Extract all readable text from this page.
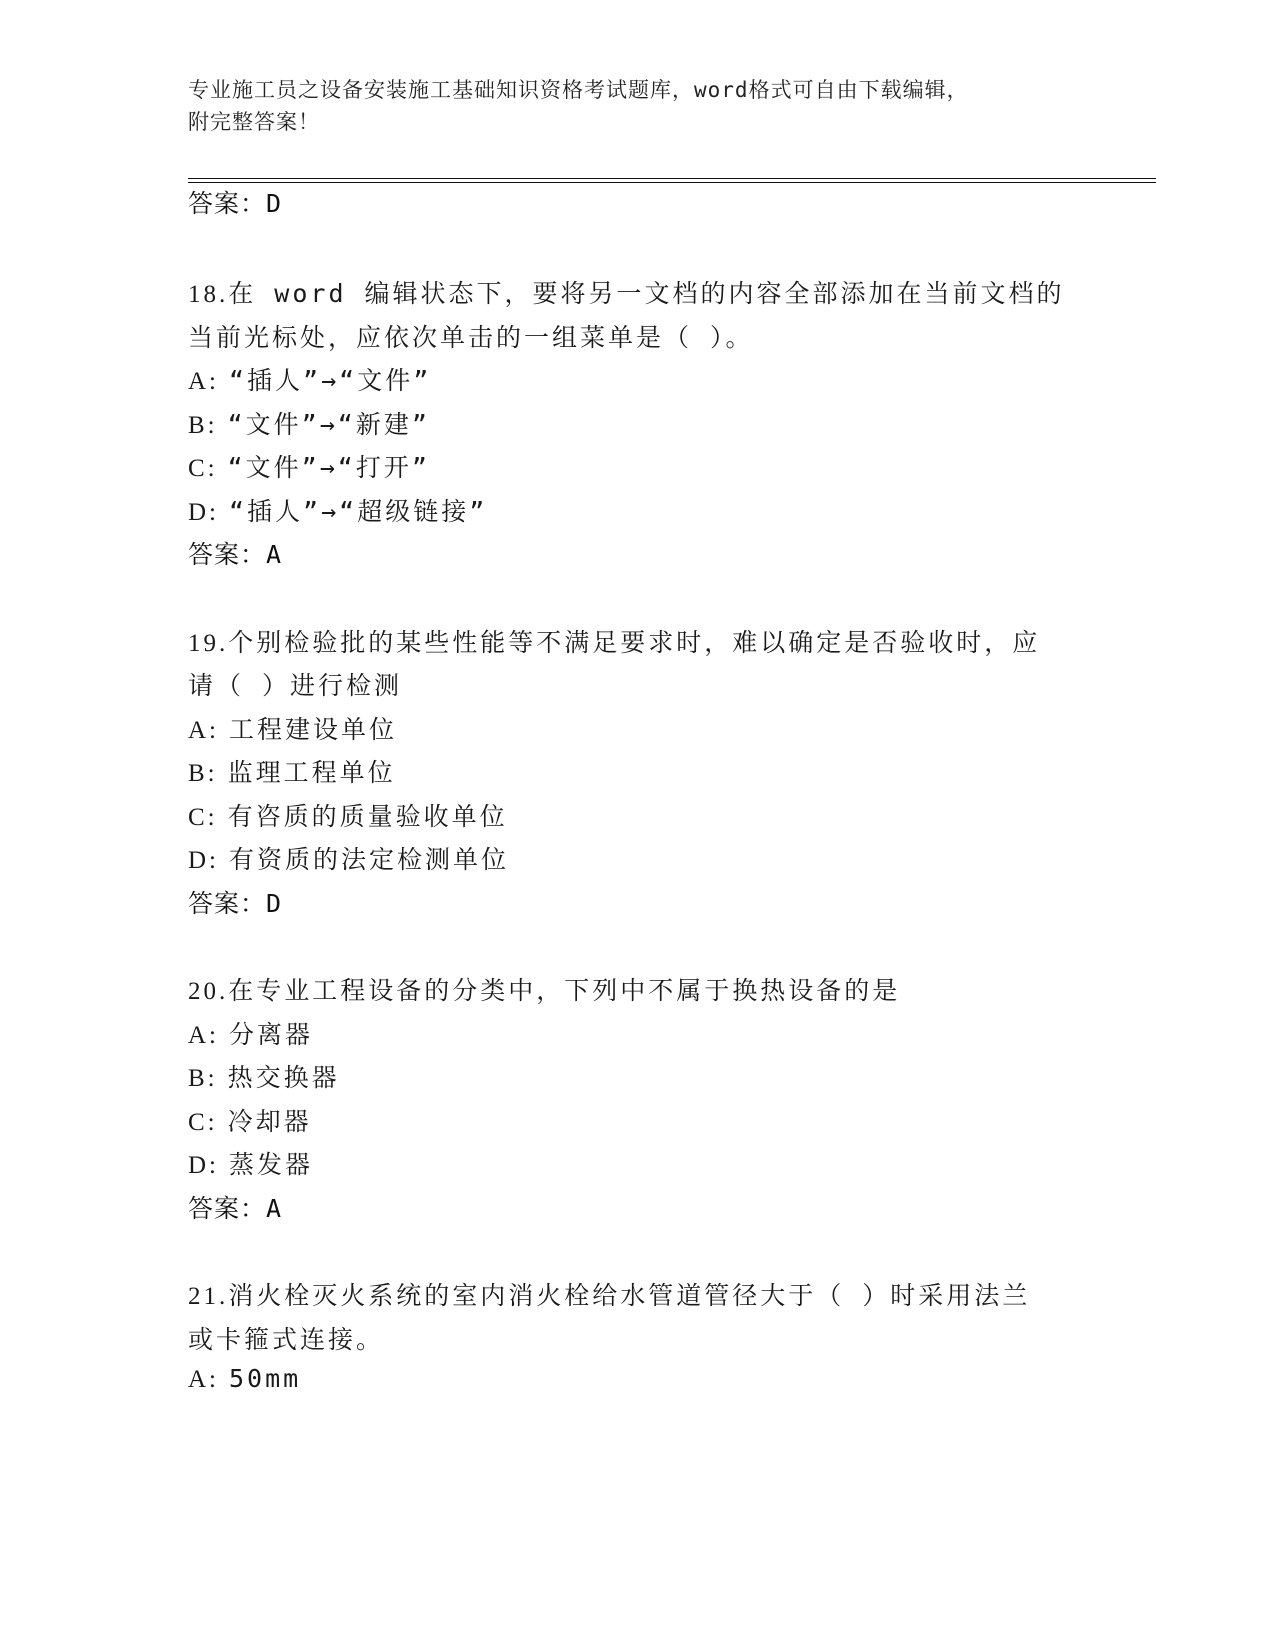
专业施工员之设备安装施工基础知识资格考试题库，word格式可自由下载编辑，
附完整答案！
答案：D
18.在 word 编辑状态下，要将另一文档的内容全部添加在当前文档的
当前光标处，应依次单击的一组菜单是（ ）。
A: “插人”→“文件”
B: “文件”→“新建”
C: “文件”→“打开”
D: “插人”→“超级链接”
答案：A
19.个别检验批的某些性能等不满足要求时，难以确定是否验收时，应
请（ ）进行检测
A: 工程建设单位
B: 监理工程单位
C: 有咨质的质量验收单位
D: 有资质的法定检测单位
答案：D
20.在专业工程设备的分类中，下列中不属于换热设备的是
A: 分离器
B: 热交换器
C: 冷却器
D: 蒸发器
答案：A
21.消火栓灭火系统的室内消火栓给水管道管径大于（ ）时采用法兰
或卡箍式连接。
A: 50mm
